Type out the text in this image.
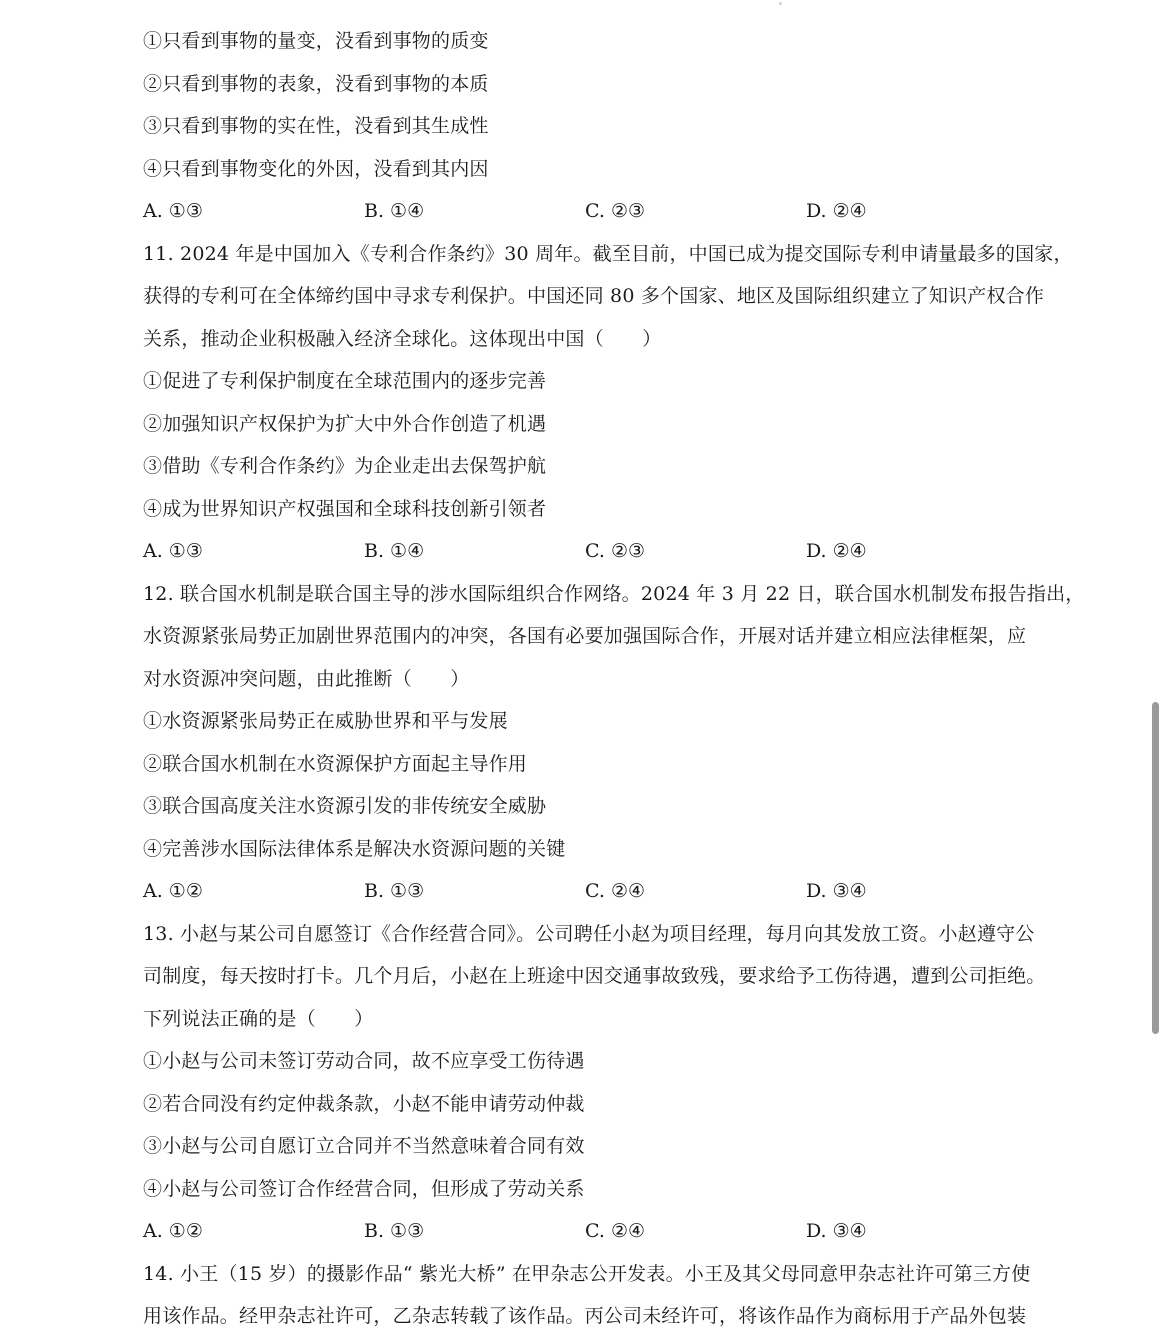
①只看到事物的量变，没看到事物的质变
②只看到事物的表象，没看到事物的本质
③只看到事物的实在性，没看到其生成性
④只看到事物变化的外因，没看到其内因
A. ①③	B. ①④	C. ②③	D. ②④
11. 2024 年是中国加入《专利合作条约》30 周年。截至目前，中国已成为提交国际专利申请量最多的国家，
获得的专利可在全体缔约国中寻求专利保护。中国还同 80 多个国家、地区及国际组织建立了知识产权合作
关系，推动企业积极融入经济全球化。这体现出中国（　　）
①促进了专利保护制度在全球范围内的逐步完善
②加强知识产权保护为扩大中外合作创造了机遇
③借助《专利合作条约》为企业走出去保驾护航
④成为世界知识产权强国和全球科技创新引领者
A. ①③	B. ①④	C. ②③	D. ②④
12. 联合国水机制是联合国主导的涉水国际组织合作网络。2024 年 3 月 22 日，联合国水机制发布报告指出，
水资源紧张局势正加剧世界范围内的冲突，各国有必要加强国际合作，开展对话并建立相应法律框架，应
对水资源冲突问题，由此推断（　　）
①水资源紧张局势正在威胁世界和平与发展
②联合国水机制在水资源保护方面起主导作用
③联合国高度关注水资源引发的非传统安全威胁
④完善涉水国际法律体系是解决水资源问题的关键
A. ①②	B. ①③	C. ②④	D. ③④
13. 小赵与某公司自愿签订《合作经营合同》。公司聘任小赵为项目经理，每月向其发放工资。小赵遵守公
司制度，每天按时打卡。几个月后，小赵在上班途中因交通事故致残，要求给予工伤待遇，遭到公司拒绝。
下列说法正确的是（　　）
①小赵与公司未签订劳动合同，故不应享受工伤待遇
②若合同没有约定仲裁条款，小赵不能申请劳动仲裁
③小赵与公司自愿订立合同并不当然意味着合同有效
④小赵与公司签订合作经营合同，但形成了劳动关系
A. ①②	B. ①③	C. ②④	D. ③④
14. 小王（15 岁）的摄影作品“ 紫光大桥” 在甲杂志公开发表。小王及其父母同意甲杂志社许可第三方使
用该作品。经甲杂志社许可，乙杂志转载了该作品。丙公司未经许可，将该作品作为商标用于产品外包装
